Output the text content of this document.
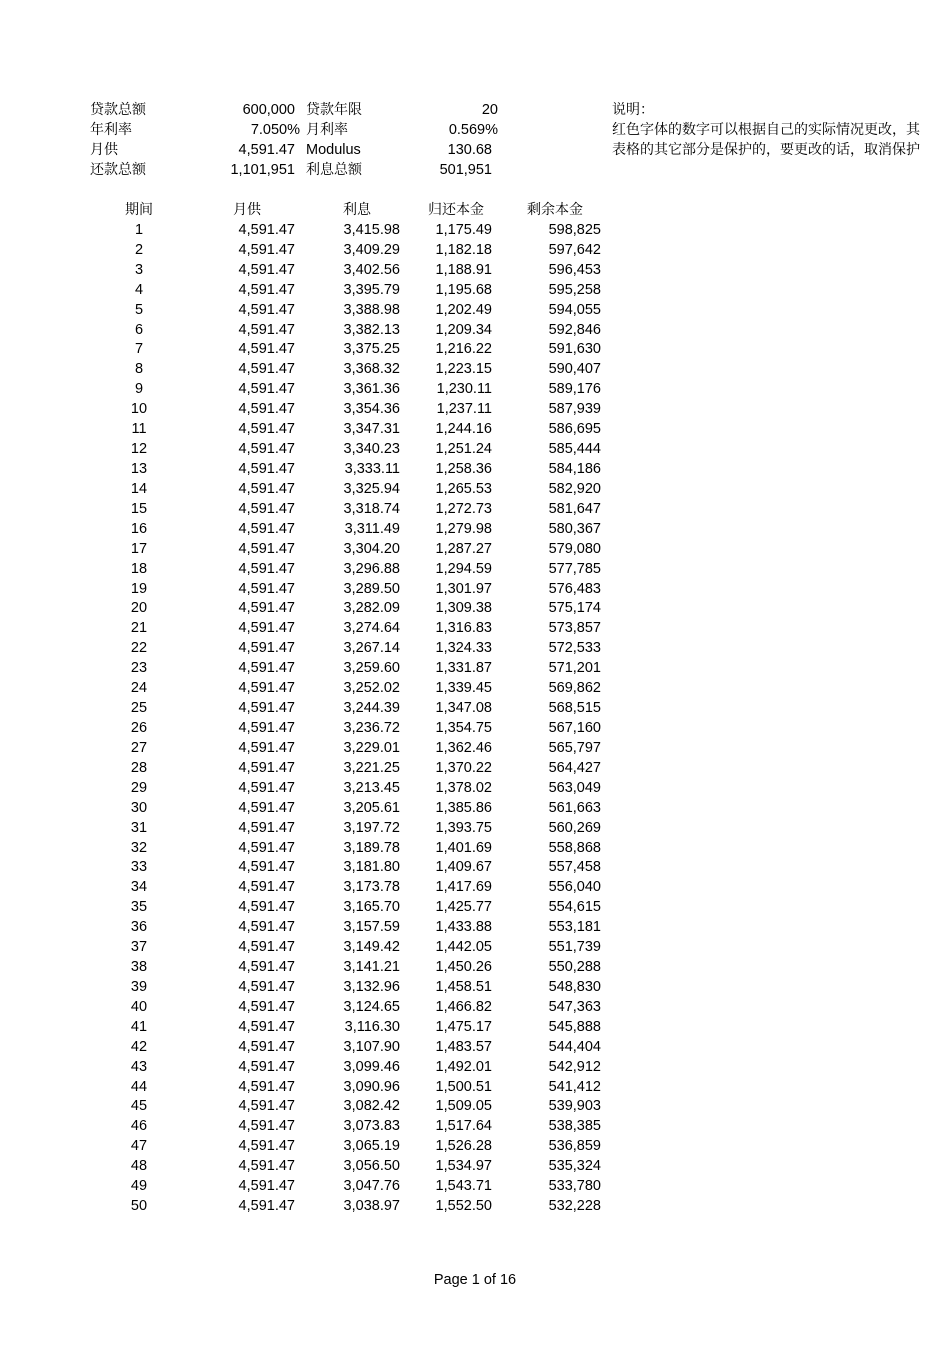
贷款总额	600,000 贷款年限	20
年利率	7.050% 月利率	0.569%
月供	4,591.47 Modulus	130.68
还款总额	1,101,951 利息总额	501,951
说明：
红色字体的数字可以根据自己的实际情况更改，其
表格的其它部分是保护的，要更改的话，取消保护
期间	月供	利息	归还本金	剩余本金
1	4,591.47	3,415.98	1,175.49	598,825
2	4,591.47	3,409.29	1,182.18	597,642
3	4,591.47	3,402.56	1,188.91	596,453
4	4,591.47	3,395.79	1,195.68	595,258
5	4,591.47	3,388.98	1,202.49	594,055
6	4,591.47	3,382.13	1,209.34	592,846
7	4,591.47	3,375.25	1,216.22	591,630
8	4,591.47	3,368.32	1,223.15	590,407
9	4,591.47	3,361.36	1,230.11	589,176
10	4,591.47	3,354.36	1,237.11	587,939
11	4,591.47	3,347.31	1,244.16	586,695
12	4,591.47	3,340.23	1,251.24	585,444
13	4,591.47	3,333.11	1,258.36	584,186
14	4,591.47	3,325.94	1,265.53	582,920
15	4,591.47	3,318.74	1,272.73	581,647
16	4,591.47	3,311.49	1,279.98	580,367
17	4,591.47	3,304.20	1,287.27	579,080
18	4,591.47	3,296.88	1,294.59	577,785
19	4,591.47	3,289.50	1,301.97	576,483
20	4,591.47	3,282.09	1,309.38	575,174
21	4,591.47	3,274.64	1,316.83	573,857
22	4,591.47	3,267.14	1,324.33	572,533
23	4,591.47	3,259.60	1,331.87	571,201
24	4,591.47	3,252.02	1,339.45	569,862
25	4,591.47	3,244.39	1,347.08	568,515
26	4,591.47	3,236.72	1,354.75	567,160
27	4,591.47	3,229.01	1,362.46	565,797
28	4,591.47	3,221.25	1,370.22	564,427
29	4,591.47	3,213.45	1,378.02	563,049
30	4,591.47	3,205.61	1,385.86	561,663
31	4,591.47	3,197.72	1,393.75	560,269
32	4,591.47	3,189.78	1,401.69	558,868
33	4,591.47	3,181.80	1,409.67	557,458
34	4,591.47	3,173.78	1,417.69	556,040
35	4,591.47	3,165.70	1,425.77	554,615
36	4,591.47	3,157.59	1,433.88	553,181
37	4,591.47	3,149.42	1,442.05	551,739
38	4,591.47	3,141.21	1,450.26	550,288
39	4,591.47	3,132.96	1,458.51	548,830
40	4,591.47	3,124.65	1,466.82	547,363
41	4,591.47	3,116.30	1,475.17	545,888
42	4,591.47	3,107.90	1,483.57	544,404
43	4,591.47	3,099.46	1,492.01	542,912
44	4,591.47	3,090.96	1,500.51	541,412
45	4,591.47	3,082.42	1,509.05	539,903
46	4,591.47	3,073.83	1,517.64	538,385
47	4,591.47	3,065.19	1,526.28	536,859
48	4,591.47	3,056.50	1,534.97	535,324
49	4,591.47	3,047.76	1,543.71	533,780
50	4,591.47	3,038.97	1,552.50	532,228
Page 1 of 16
